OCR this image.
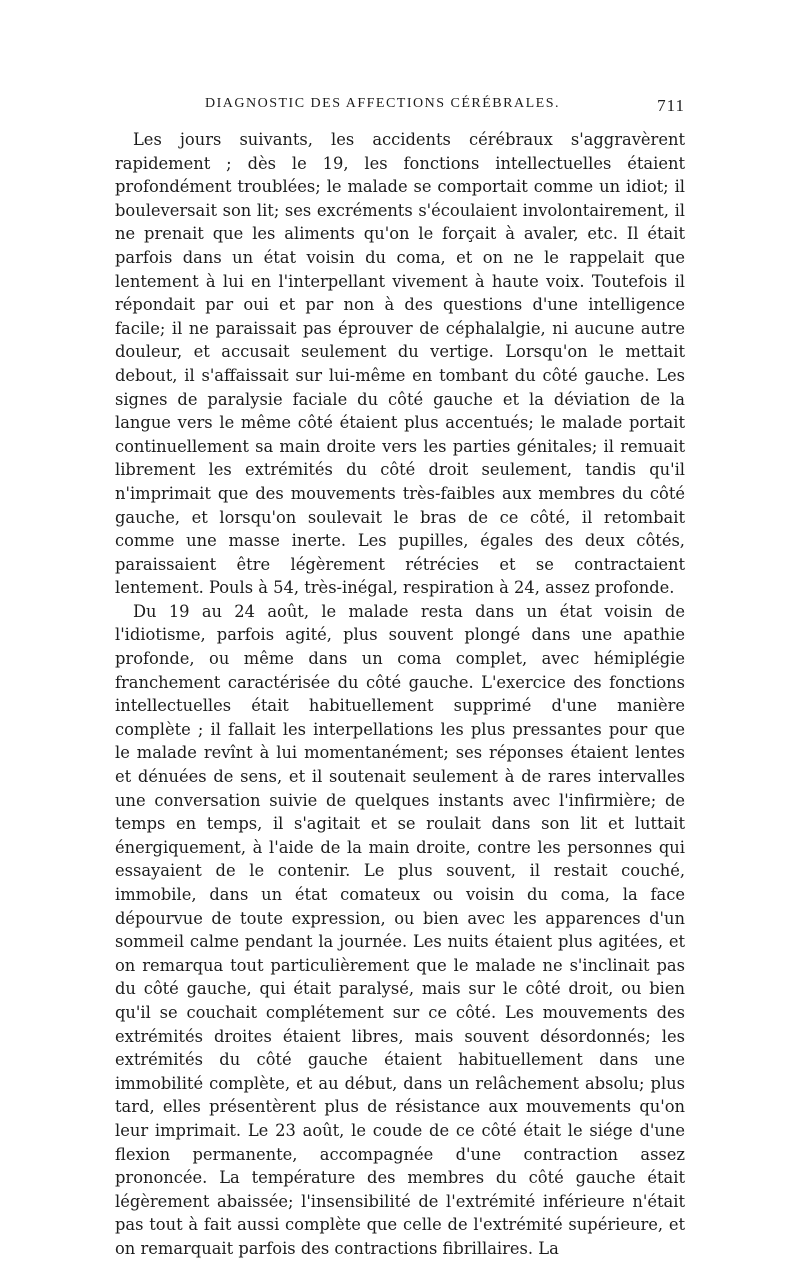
DIAGNOSTIC DES AFFECTIONS CÉRÉBRALES.	711

Les jours suivants, les accidents cérébraux s'aggravèrent rapidement ; dès le 19, les fonctions intellectuelles étaient profondément troublées; le malade se comportait comme un idiot; il bouleversait son lit; ses excréments s'écoulaient involontairement, il ne prenait que les aliments qu'on le forçait à avaler, etc. Il était parfois dans un état voisin du coma, et on ne le rappelait que lentement à lui en l'interpellant vivement à haute voix. Toutefois il répondait par oui et par non à des questions d'une intelligence facile; il ne paraissait pas éprouver de céphalalgie, ni aucune autre douleur, et accusait seulement du vertige. Lorsqu'on le mettait debout, il s'affaissait sur lui-même en tombant du côté gauche. Les signes de paralysie faciale du côté gauche et la déviation de la langue vers le même côté étaient plus accentués; le malade portait continuellement sa main droite vers les parties génitales; il remuait librement les extrémités du côté droit seulement, tandis qu'il n'imprimait que des mouvements très-faibles aux membres du côté gauche, et lorsqu'on soulevait le bras de ce côté, il retombait comme une masse inerte. Les pupilles, égales des deux côtés, paraissaient être légèrement rétrécies et se contractaient lentement. Pouls à 54, très-inégal, respiration à 24, assez profonde.

Du 19 au 24 août, le malade resta dans un état voisin de l'idiotisme, parfois agité, plus souvent plongé dans une apathie profonde, ou même dans un coma complet, avec hémiplégie franchement caractérisée du côté gauche. L'exercice des fonctions intellectuelles était habituellement supprimé d'une manière complète ; il fallait les interpellations les plus pressantes pour que le malade revînt à lui momentanément; ses réponses étaient lentes et dénuées de sens, et il soutenait seulement à de rares intervalles une conversation suivie de quelques instants avec l'infirmière; de temps en temps, il s'agitait et se roulait dans son lit et luttait énergiquement, à l'aide de la main droite, contre les personnes qui essayaient de le contenir. Le plus souvent, il restait couché, immobile, dans un état comateux ou voisin du coma, la face dépourvue de toute expression, ou bien avec les apparences d'un sommeil calme pendant la journée. Les nuits étaient plus agitées, et on remarqua tout particulièrement que le malade ne s'inclinait pas du côté gauche, qui était paralysé, mais sur le côté droit, ou bien qu'il se couchait complétement sur ce côté. Les mouvements des extrémités droites étaient libres, mais souvent désordonnés; les extrémités du côté gauche étaient habituellement dans une immobilité complète, et au début, dans un relâchement absolu; plus tard, elles présentèrent plus de résistance aux mouvements qu'on leur imprimait. Le 23 août, le coude de ce côté était le siége d'une flexion permanente, accompagnée d'une contraction assez prononcée. La température des membres du côté gauche était légèrement abaissée; l'insensibilité de l'extrémité inférieure n'était pas tout à fait aussi complète que celle de l'extrémité supérieure, et on remarquait parfois des contractions fibrillaires. La
